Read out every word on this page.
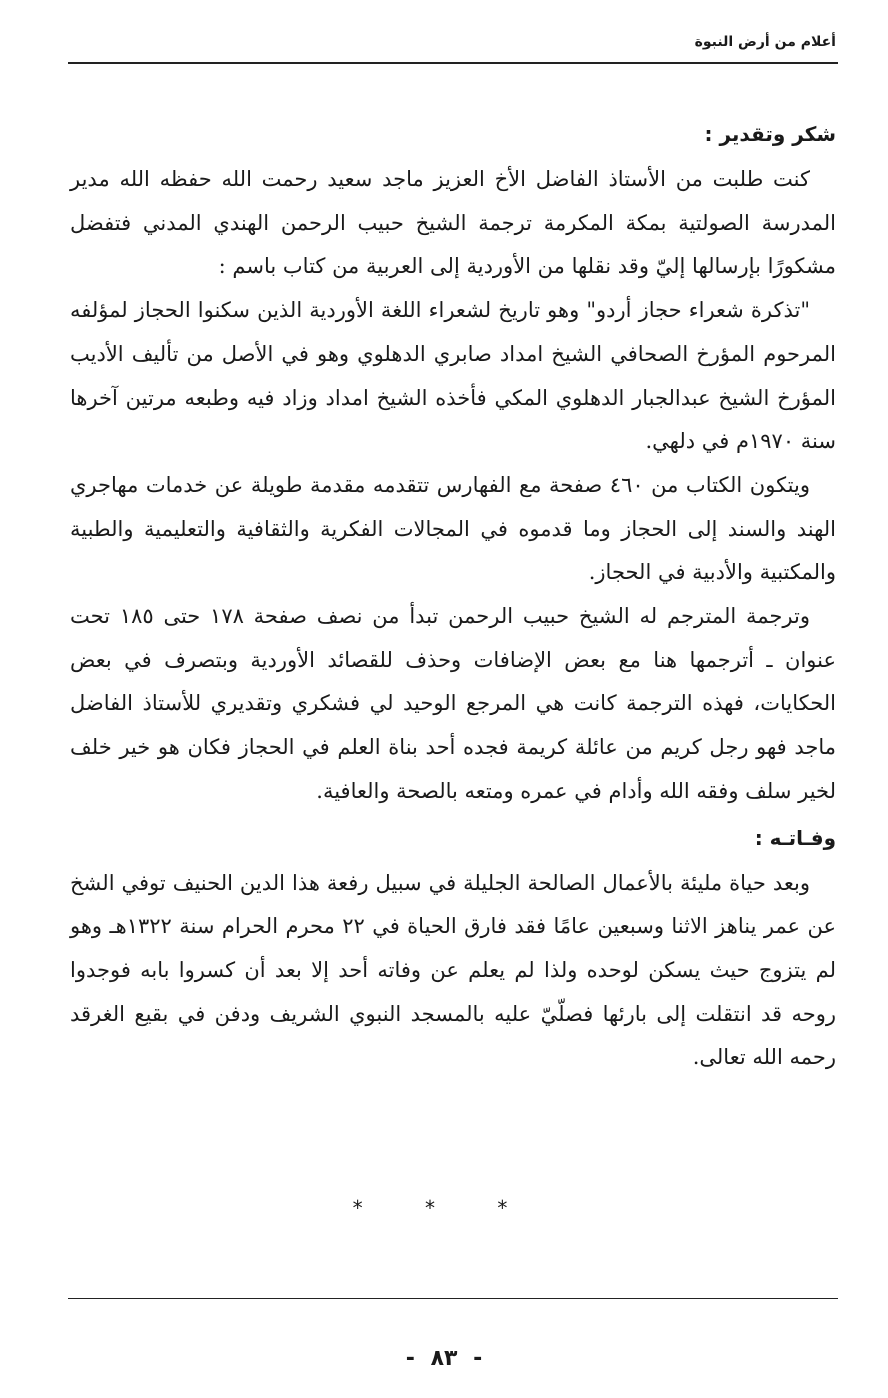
أعلام من أرض النبوة
شكر وتقدير :

كنت طلبت من الأستاذ الفاضل الأخ العزيز ماجد سعيد رحمت الله حفظه الله مدير المدرسة الصولتية بمكة المكرمة ترجمة الشيخ حبيب الرحمن الهندي المدني فتفضل مشكورًا بإرسالها إليّ وقد نقلها من الأوردية إلى العربية من كتاب باسم :

"تذكرة شعراء حجاز أردو" وهو تاريخ لشعراء اللغة الأوردية الذين سكنوا الحجاز لمؤلفه المرحوم المؤرخ الصحافي الشيخ امداد صابري الدهلوي وهو في الأصل من تأليف الأديب المؤرخ الشيخ عبدالجبار الدهلوي المكي فأخذه الشيخ امداد وزاد فيه وطبعه مرتين آخرها سنة ١٩٧٠م في دلهي.

ويتكون الكتاب من ٤٦٠ صفحة مع الفهارس تتقدمه مقدمة طويلة عن خدمات مهاجري الهند والسند إلى الحجاز وما قدموه في المجالات الفكرية والثقافية والتعليمية والطبية والمكتبية والأدبية في الحجاز.

وترجمة المترجم له الشيخ حبيب الرحمن تبدأ من نصف صفحة ١٧٨ حتى ١٨٥ تحت عنوان ـ أترجمها هنا مع بعض الإضافات وحذف للقصائد الأوردية وبتصرف في بعض الحكايات، فهذه الترجمة كانت هي المرجع الوحيد لي فشكري وتقديري للأستاذ الفاضل ماجد فهو رجل كريم من عائلة كريمة فجده أحد بناة العلم في الحجاز فكان هو خير خلف لخير سلف وفقه الله وأدام في عمره ومتعه بالصحة والعافية.

وفـاتـه :

وبعد حياة مليئة بالأعمال الصالحة الجليلة في سبيل رفعة هذا الدين الحنيف توفي الشخ عن عمر يناهز الاثنا وسبعين عامًا فقد فارق الحياة في ٢٢ محرم الحرام سنة ١٣٢٢هـ وهو لم يتزوج حيث يسكن لوحده ولذا لم يعلم عن وفاته أحد إلا بعد أن كسروا بابه فوجدوا روحه قد انتقلت إلى بارئها فصلّيّ عليه بالمسجد النبوي الشريف ودفن في بقيع الغرقد رحمه الله تعالى.

* * *
- ٨٣ -
